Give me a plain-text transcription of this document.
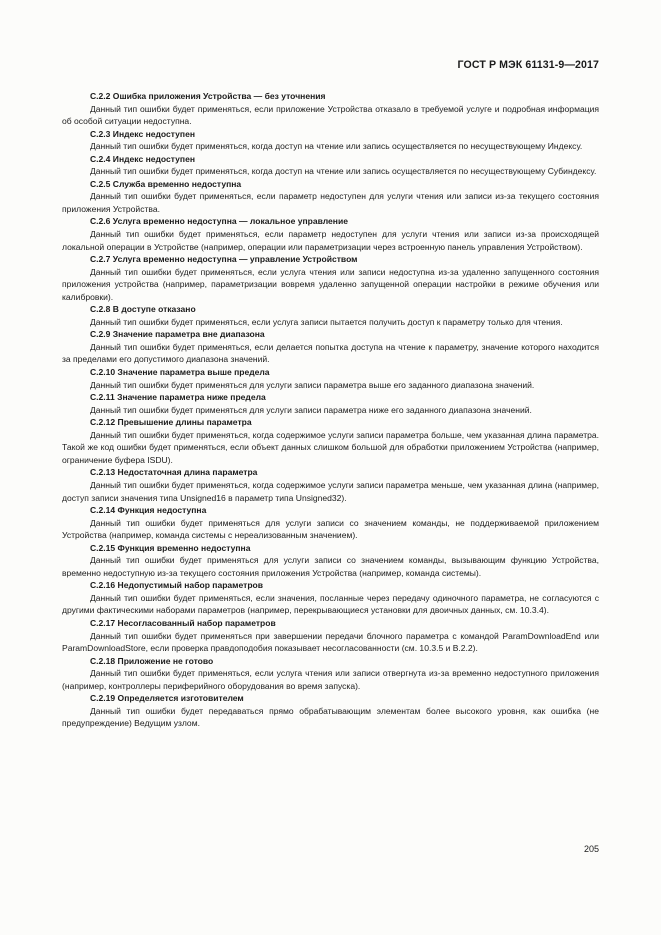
ГОСТ Р МЭК 61131-9—2017
С.2.2 Ошибка приложения Устройства — без уточнения

Данный тип ошибки будет применяться, если приложение Устройства отказало в требуемой услуге и подробная информация об особой ситуации недоступна.

С.2.3 Индекс недоступен

Данный тип ошибки будет применяться, когда доступ на чтение или запись осуществляется по несуществующему Индексу.

С.2.4 Индекс недоступен

Данный тип ошибки будет применяться, когда доступ на чтение или запись осуществляется по несуществующему Субиндексу.

С.2.5 Служба временно недоступна

Данный тип ошибки будет применяться, если параметр недоступен для услуги чтения или записи из-за текущего состояния приложения Устройства.

С.2.6 Услуга временно недоступна — локальное управление

Данный тип ошибки будет применяться, если параметр недоступен для услуги чтения или записи из-за происходящей локальной операции в Устройстве (например, операции или параметризации через встроенную панель управления Устройством).

С.2.7 Услуга временно недоступна — управление Устройством

Данный тип ошибки будет применяться, если услуга чтения или записи недоступна из-за удаленно запущенного состояния приложения устройства (например, параметризации вовремя удаленно запущенной операции настройки в режиме обучения или калибровки).

С.2.8 В доступе отказано

Данный тип ошибки будет применяться, если услуга записи пытается получить доступ к параметру только для чтения.

С.2.9 Значение параметра вне диапазона

Данный тип ошибки будет применяться, если делается попытка доступа на чтение к параметру, значение которого находится за пределами его допустимого диапазона значений.

С.2.10 Значение параметра выше предела

Данный тип ошибки будет применяться для услуги записи параметра выше его заданного диапазона значений.

С.2.11 Значение параметра ниже предела

Данный тип ошибки будет применяться для услуги записи параметра ниже его заданного диапазона значений.

С.2.12 Превышение длины параметра

Данный тип ошибки будет применяться, когда содержимое услуги записи параметра больше, чем указанная длина параметра. Такой же код ошибки будет применяться, если объект данных слишком большой для обработки приложением Устройства (например, ограничение буфера ISDU).

С.2.13 Недостаточная длина параметра

Данный тип ошибки будет применяться, когда содержимое услуги записи параметра меньше, чем указанная длина (например, доступ записи значения типа Unsigned16 в параметр типа Unsigned32).

С.2.14 Функция недоступна

Данный тип ошибки будет применяться для услуги записи со значением команды, не поддерживаемой приложением Устройства (например, команда системы с нереализованным значением).

С.2.15 Функция временно недоступна

Данный тип ошибки будет применяться для услуги записи со значением команды, вызывающим функцию Устройства, временно недоступную из-за текущего состояния приложения Устройства (например, команда системы).

С.2.16 Недопустимый набор параметров

Данный тип ошибки будет применяться, если значения, посланные через передачу одиночного параметра, не согласуются с другими фактическими наборами параметров (например, перекрывающиеся установки для двоичных данных, см. 10.3.4).

С.2.17 Несогласованный набор параметров

Данный тип ошибки будет применяться при завершении передачи блочного параметра с командой ParamDownloadEnd или ParamDownloadStore, если проверка правдоподобия показывает несогласованности (см. 10.3.5 и В.2.2).

С.2.18 Приложение не готово

Данный тип ошибки будет применяться, если услуга чтения или записи отвергнута из-за временно недоступного приложения (например, контроллеры периферийного оборудования во время запуска).

С.2.19 Определяется изготовителем

Данный тип ошибки будет передаваться прямо обрабатывающим элементам более высокого уровня, как ошибка (не предупреждение) Ведущим узлом.

205
